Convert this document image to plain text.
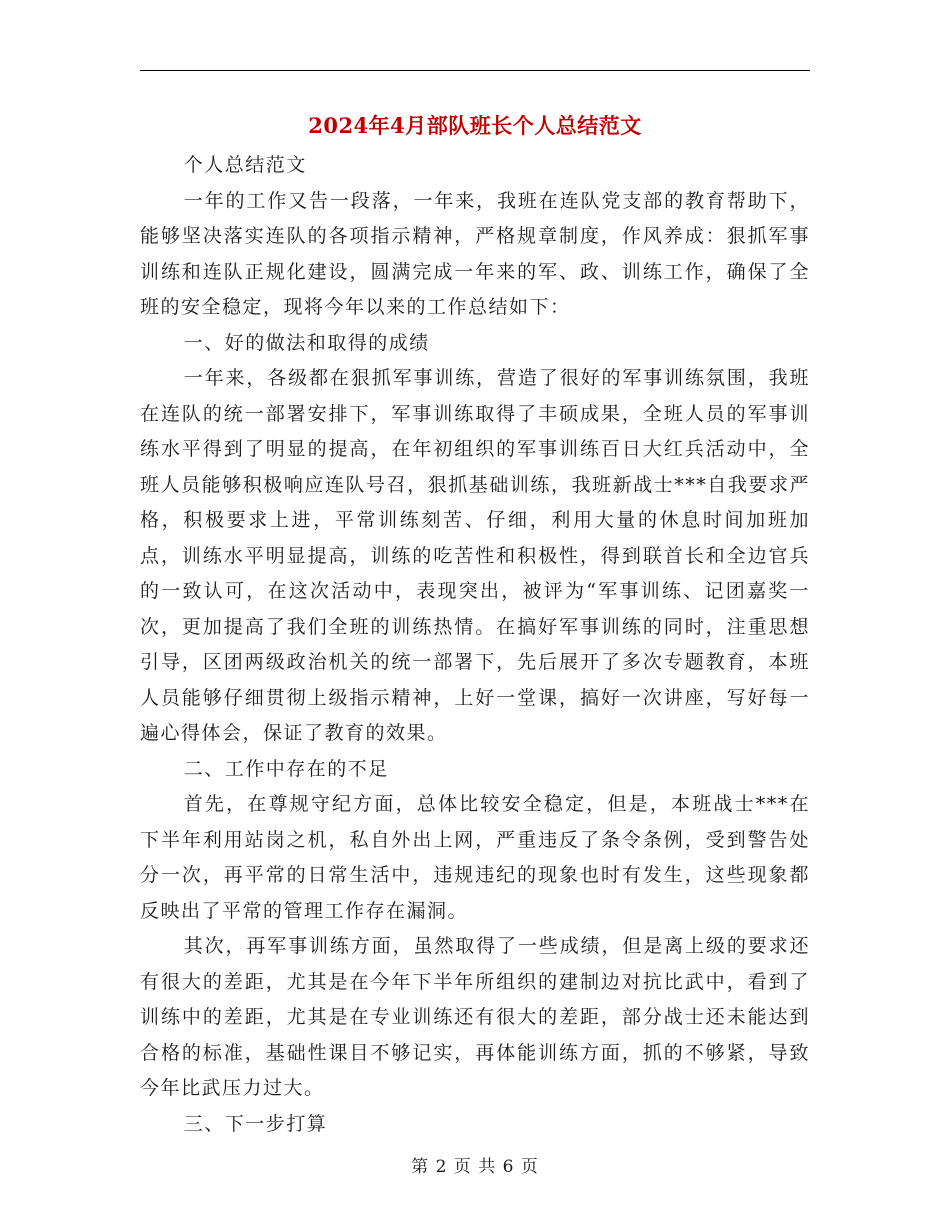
2024年4月部队班长个人总结范文

个人总结范文

一年的工作又告一段落，一年来，我班在连队党支部的教育帮助下，能够坚决落实连队的各项指示精神，严格规章制度，作风养成：狠抓军事训练和连队正规化建设，圆满完成一年来的军、政、训练工作，确保了全班的安全稳定，现将今年以来的工作总结如下：

一、好的做法和取得的成绩

一年来，各级都在狠抓军事训练，营造了很好的军事训练氛围，我班在连队的统一部署安排下，军事训练取得了丰硕成果，全班人员的军事训练水平得到了明显的提高，在年初组织的军事训练百日大红兵活动中，全班人员能够积极响应连队号召，狠抓基础训练，我班新战士***自我要求严格，积极要求上进，平常训练刻苦、仔细，利用大量的休息时间加班加点，训练水平明显提高，训练的吃苦性和积极性，得到联首长和全边官兵的一致认可，在这次活动中，表现突出，被评为“军事训练、记团嘉奖一次，更加提高了我们全班的训练热情。在搞好军事训练的同时，注重思想引导，区团两级政治机关的统一部署下，先后展开了多次专题教育，本班人员能够仔细贯彻上级指示精神，上好一堂课，搞好一次讲座，写好每一遍心得体会，保证了教育的效果。

二、工作中存在的不足

首先，在尊规守纪方面，总体比较安全稳定，但是，本班战士***在下半年利用站岗之机，私自外出上网，严重违反了条令条例，受到警告处分一次，再平常的日常生活中，违规违纪的现象也时有发生，这些现象都反映出了平常的管理工作存在漏洞。

其次，再军事训练方面，虽然取得了一些成绩，但是离上级的要求还有很大的差距，尤其是在今年下半年所组织的建制边对抗比武中，看到了训练中的差距，尤其是在专业训练还有很大的差距，部分战士还未能达到合格的标准，基础性课目不够记实，再体能训练方面，抓的不够紧，导致今年比武压力过大。

三、下一步打算

第 2 页 共 6 页
